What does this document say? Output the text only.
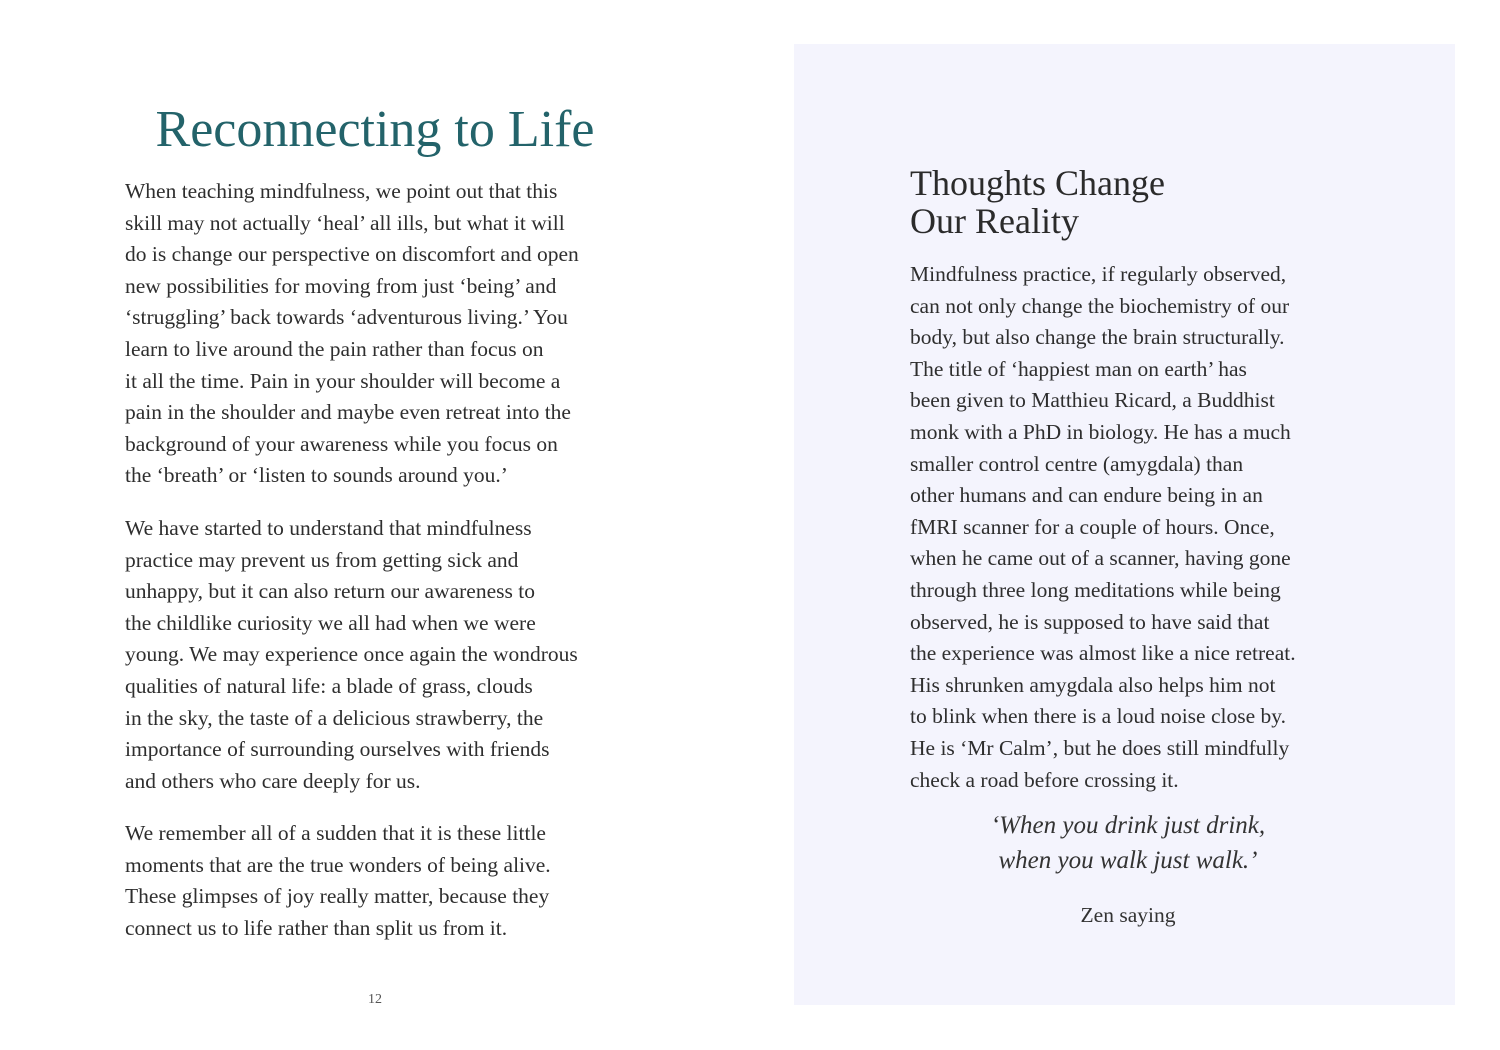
Reconnecting to Life

When teaching mindfulness, we point out that this
skill may not actually ‘heal’ all ills, but what it will
do is change our perspective on discomfort and open
new possibilities for moving from just ‘being’ and
‘struggling’ back towards ‘adventurous living.’ You
learn to live around the pain rather than focus on
it all the time. Pain in your shoulder will become a
pain in the shoulder and maybe even retreat into the
background of your awareness while you focus on
the ‘breath’ or ‘listen to sounds around you.’

We have started to understand that mindfulness
practice may prevent us from getting sick and
unhappy, but it can also return our awareness to
the childlike curiosity we all had when we were
young. We may experience once again the wondrous
qualities of natural life: a blade of grass, clouds
in the sky, the taste of a delicious strawberry, the
importance of surrounding ourselves with friends
and others who care deeply for us.

We remember all of a sudden that it is these little
moments that are the true wonders of being alive.
These glimpses of joy really matter, because they
connect us to life rather than split us from it.

12
Thoughts Change
Our Reality

Mindfulness practice, if regularly observed,
can not only change the biochemistry of our
body, but also change the brain structurally.
The title of ‘happiest man on earth’ has
been given to Matthieu Ricard, a Buddhist
monk with a PhD in biology. He has a much
smaller control centre (amygdala) than
other humans and can endure being in an
fMRI scanner for a couple of hours. Once,
when he came out of a scanner, having gone
through three long meditations while being
observed, he is supposed to have said that
the experience was almost like a nice retreat.
His shrunken amygdala also helps him not
to blink when there is a loud noise close by.
He is ‘Mr Calm’, but he does still mindfully
check a road before crossing it.

‘When you drink just drink,
when you walk just walk.’
Zen saying
